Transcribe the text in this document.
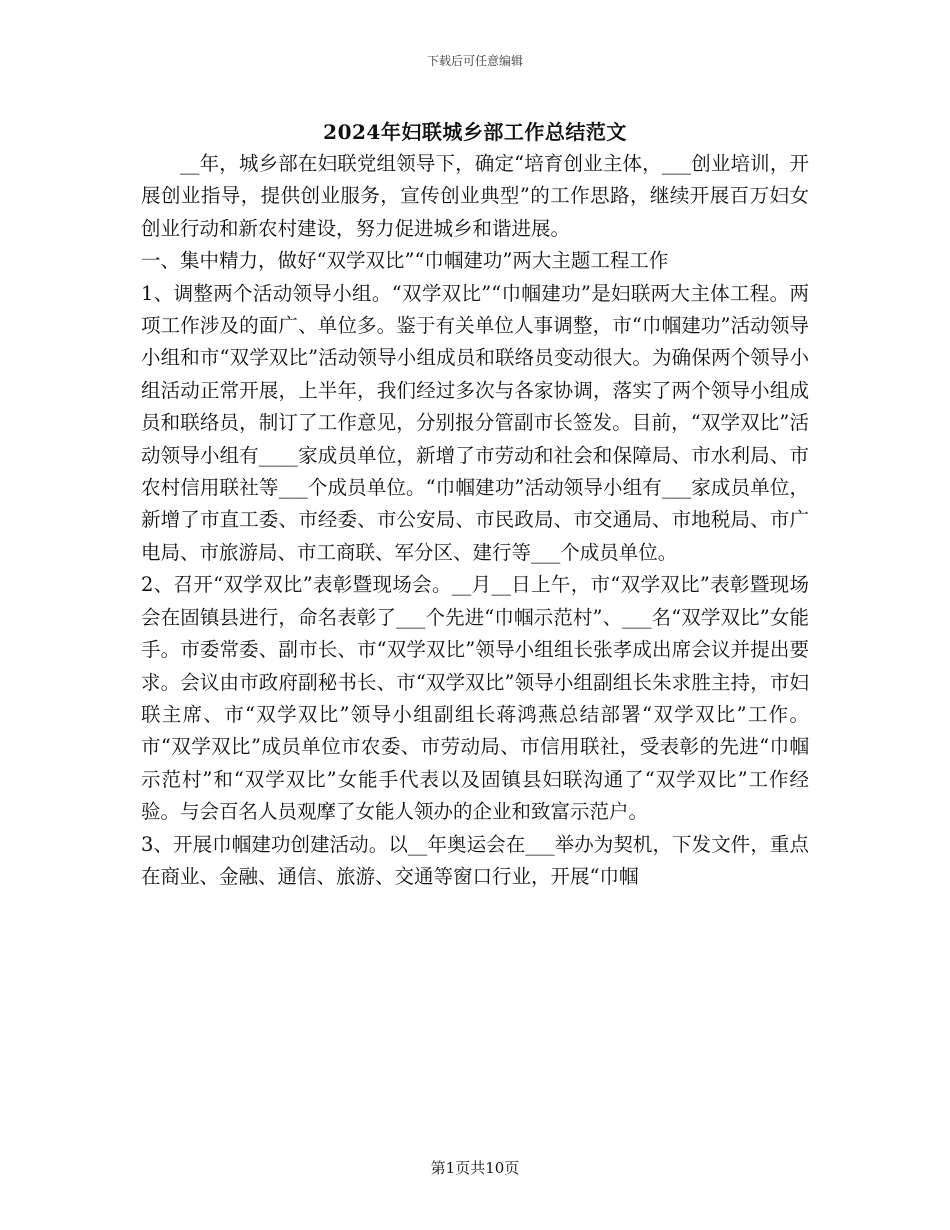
下载后可任意编辑
2024年妇联城乡部工作总结范文

__年，城乡部在妇联党组领导下，确定“培育创业主体，___创业培训，开展创业指导，提供创业服务，宣传创业典型”的工作思路，继续开展百万妇女创业行动和新农村建设，努力促进城乡和谐进展。

一、集中精力，做好“双学双比”“巾帼建功”两大主题工程工作

1、调整两个活动领导小组。“双学双比”“巾帼建功”是妇联两大主体工程。两项工作涉及的面广、单位多。鉴于有关单位人事调整，市“巾帼建功”活动领导小组和市“双学双比”活动领导小组成员和联络员变动很大。为确保两个领导小组活动正常开展，上半年，我们经过多次与各家协调，落实了两个领导小组成员和联络员，制订了工作意见，分别报分管副市长签发。目前，“双学双比”活动领导小组有____家成员单位，新增了市劳动和社会和保障局、市水利局、市农村信用联社等___个成员单位。“巾帼建功”活动领导小组有___家成员单位，新增了市直工委、市经委、市公安局、市民政局、市交通局、市地税局、市广电局、市旅游局、市工商联、军分区、建行等___个成员单位。

2、召开“双学双比”表彰暨现场会。__月__日上午，市“双学双比”表彰暨现场会在固镇县进行，命名表彰了___个先进“巾帼示范村”、___名“双学双比”女能手。市委常委、副市长、市“双学双比”领导小组组长张孝成出席会议并提出要求。会议由市政府副秘书长、市“双学双比”领导小组副组长朱求胜主持，市妇联主席、市“双学双比”领导小组副组长蒋鸿燕总结部署“双学双比”工作。市“双学双比”成员单位市农委、市劳动局、市信用联社，受表彰的先进“巾帼示范村”和“双学双比”女能手代表以及固镇县妇联沟通了“双学双比”工作经验。与会百名人员观摩了女能人领办的企业和致富示范户。

3、开展巾帼建功创建活动。以__年奥运会在___举办为契机，下发文件，重点在商业、金融、通信、旅游、交通等窗口行业，开展“巾帼

第1页共10页
